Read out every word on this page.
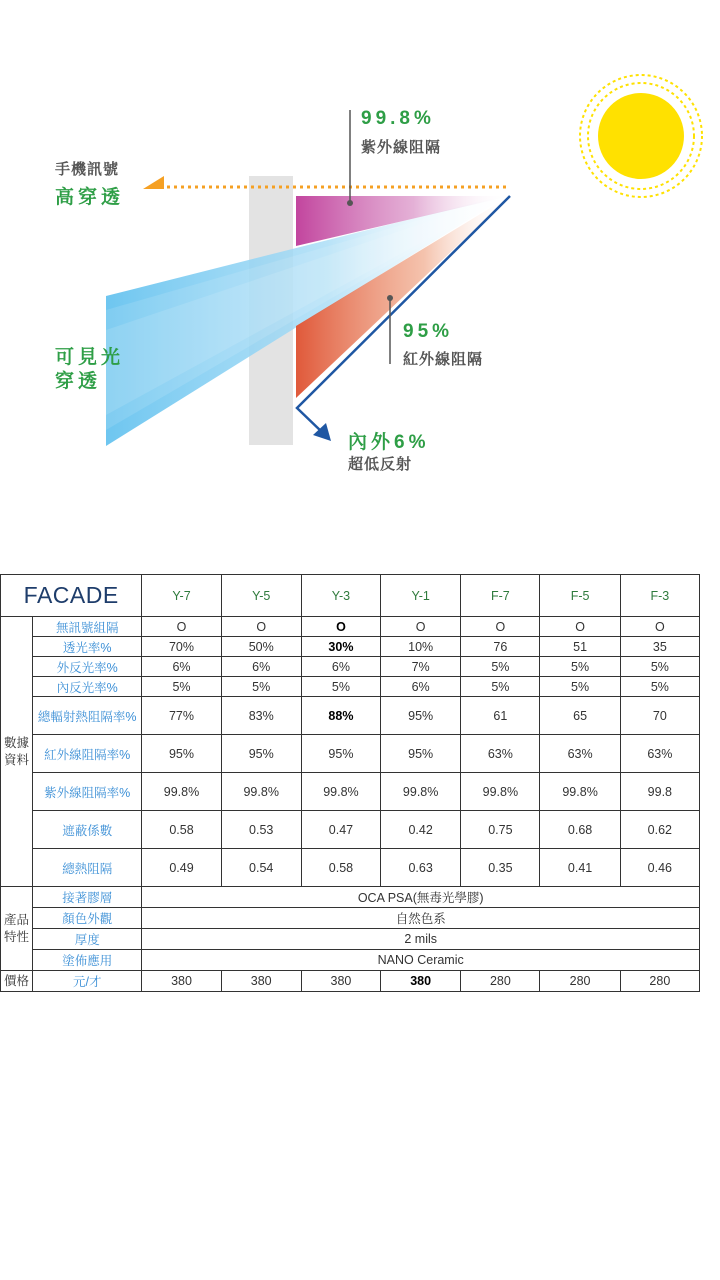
手機訊號
高穿透
99.8%
紫外線阻隔
可見光
穿透
95%
紅外線阻隔
內外6%
超低反射
FACADE		Y-7	Y-5	Y-3	Y-1	F-7	F-5	F-3
數據資料	無訊號組隔	O	O	O	O	O	O	O
	透光率%	70%	50%	30%	10%	76	51	35
	外反光率%	6%	6%	6%	7%	5%	5%	5%
	內反光率%	5%	5%	5%	6%	5%	5%	5%
	總輻射熱阻隔率%	77%	83%	88%	95%	61	65	70
	紅外線阻隔率%	95%	95%	95%	95%	63%	63%	63%
	紫外線阻隔率%	99.8%	99.8%	99.8%	99.8%	99.8%	99.8%	99.8
	遮蔽係數	0.58	0.53	0.47	0.42	0.75	0.68	0.62
	總熱阻隔	0.49	0.54	0.58	0.63	0.35	0.41	0.46
產品特性	接著膠層	OCA PSA(無毒光學膠)						
	顏色外觀	自然色系						
	厚度	2 mils						
	塗佈應用	NANO Ceramic						
價格	元/才	380	380	380	380	280	280	280
